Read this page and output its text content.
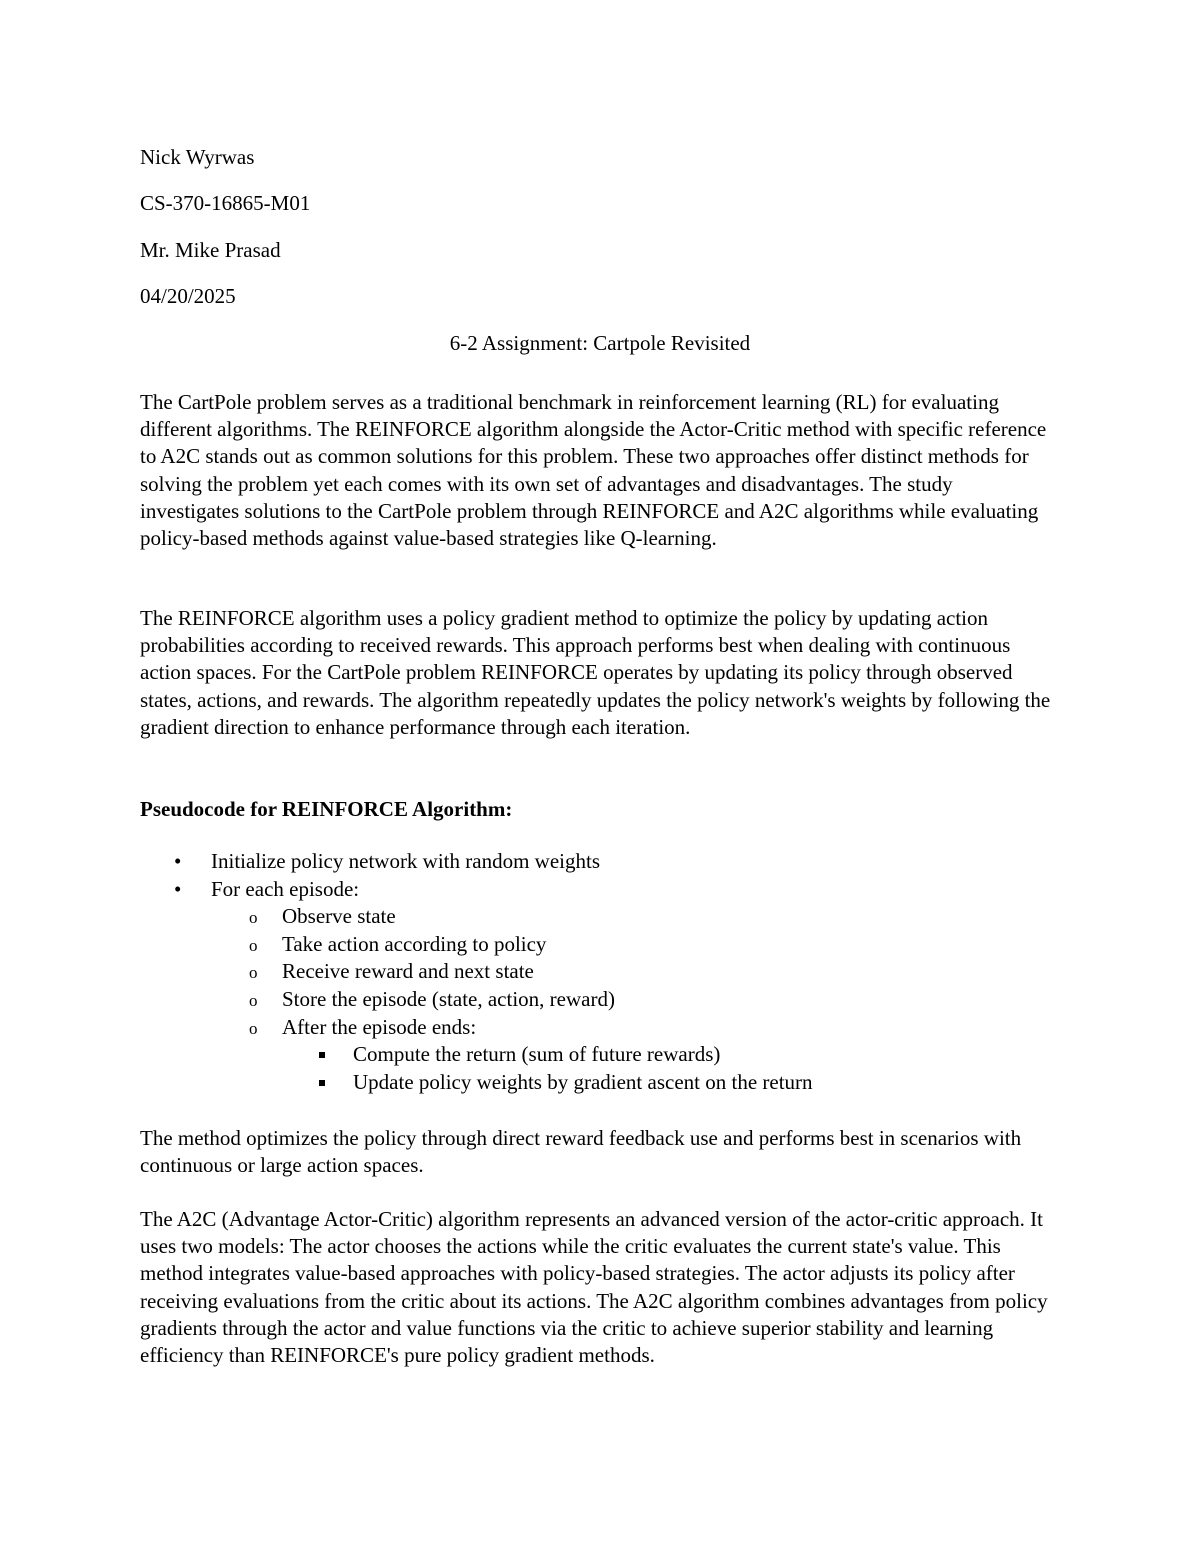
Nick Wyrwas

CS-370-16865-M01

Mr. Mike Prasad

04/20/2025

6-2 Assignment: Cartpole Revisited

The CartPole problem serves as a traditional benchmark in reinforcement learning (RL) for evaluating different algorithms. The REINFORCE algorithm alongside the Actor-Critic method with specific reference to A2C stands out as common solutions for this problem. These two approaches offer distinct methods for solving the problem yet each comes with its own set of advantages and disadvantages. The study investigates solutions to the CartPole problem through REINFORCE and A2C algorithms while evaluating policy-based methods against value-based strategies like Q-learning.

The REINFORCE algorithm uses a policy gradient method to optimize the policy by updating action probabilities according to received rewards. This approach performs best when dealing with continuous action spaces. For the CartPole problem REINFORCE operates by updating its policy through observed states, actions, and rewards. The algorithm repeatedly updates the policy network's weights by following the gradient direction to enhance performance through each iteration.

Pseudocode for REINFORCE Algorithm:

• Initialize policy network with random weights
• For each episode:
o Observe state
o Take action according to policy
o Receive reward and next state
o Store the episode (state, action, reward)
o After the episode ends:
Compute the return (sum of future rewards)
Update policy weights by gradient ascent on the return

The method optimizes the policy through direct reward feedback use and performs best in scenarios with continuous or large action spaces.

The A2C (Advantage Actor-Critic) algorithm represents an advanced version of the actor-critic approach. It uses two models: The actor chooses the actions while the critic evaluates the current state's value. This method integrates value-based approaches with policy-based strategies. The actor adjusts its policy after receiving evaluations from the critic about its actions. The A2C algorithm combines advantages from policy gradients through the actor and value functions via the critic to achieve superior stability and learning efficiency than REINFORCE's pure policy gradient methods.
